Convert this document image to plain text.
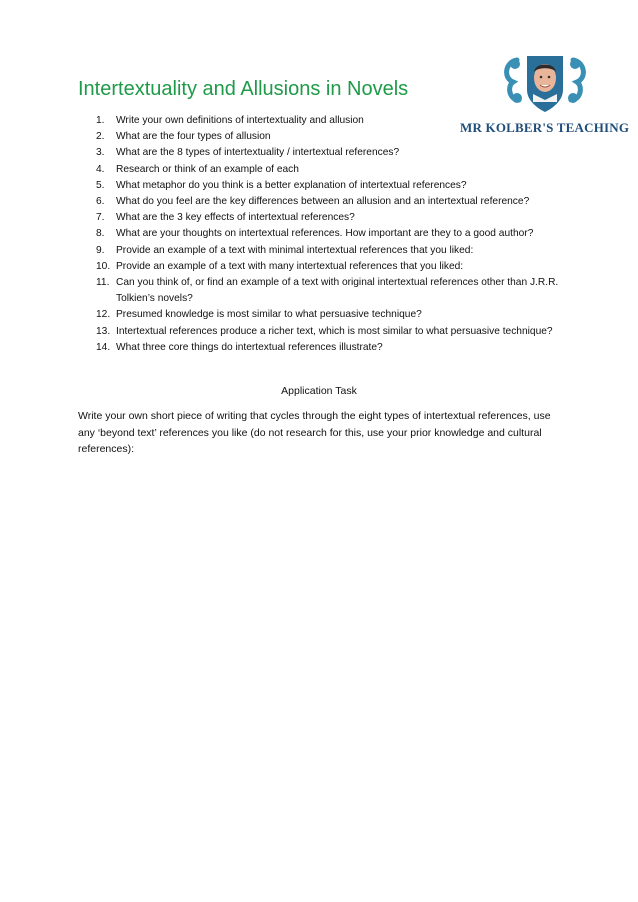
Intertextuality and Allusions in Novels
MR KOLBER'S TEACHING
1. Write your own definitions of intertextuality and allusion
2. What are the four types of allusion
3. What are the 8 types of intertextuality / intertextual references?
4. Research or think of an example of each
5. What metaphor do you think is a better explanation of intertextual references?
6. What do you feel are the key differences between an allusion and an intertextual reference?
7. What are the 3 key effects of intertextual references?
8. What are your thoughts on intertextual references. How important are they to a good author?
9. Provide an example of a text with minimal intertextual references that you liked:
10. Provide an example of a text with many intertextual references that you liked:
11. Can you think of, or find an example of a text with original intertextual references other than J.R.R. Tolkien’s novels?
12. Presumed knowledge is most similar to what persuasive technique?
13. Intertextual references produce a richer text, which is most similar to what persuasive technique?
14. What three core things do intertextual references illustrate?
Application Task
Write your own short piece of writing that cycles through the eight types of intertextual references, use any ‘beyond text’ references you like (do not research for this, use your prior knowledge and cultural references):
